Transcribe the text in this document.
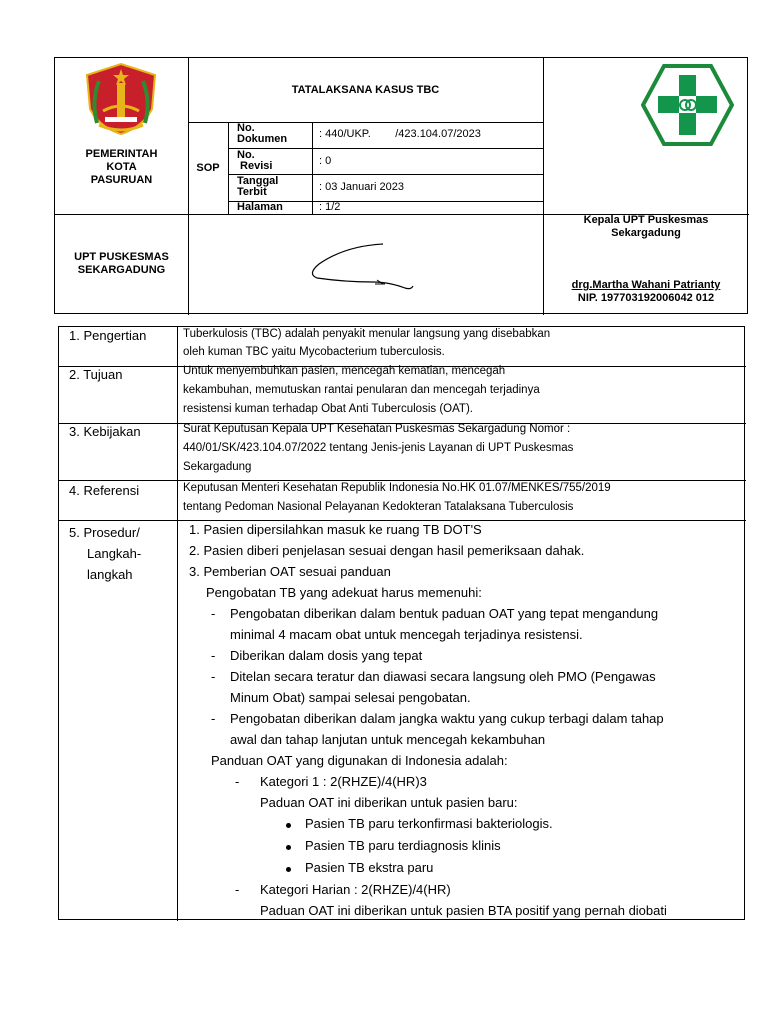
PEMERINTAH
KOTA
PASURUAN
TATALAKSANA KASUS TBC
SOP
No.
Dokumen	: 440/UKP.        /423.104.07/2023
No.
Revisi	: 0
Tanggal
Terbit	: 03 Januari 2023
Halaman	: 1/2
UPT PUSKESMAS
SEKARGADUNG
Kepala UPT Puskesmas
Sekargadung
drg.Martha Wahani Patrianty
NIP. 197703192006042 012
1. Pengertian	Tuberkulosis (TBC) adalah penyakit menular langsung yang disebabkan
oleh kuman TBC yaitu Mycobacterium tuberculosis.
2. Tujuan	Untuk menyembuhkan pasien, mencegah kematian, mencegah
kekambuhan, memutuskan rantai penularan dan mencegah terjadinya
resistensi kuman terhadap Obat Anti Tuberculosis (OAT).
3. Kebijakan	Surat Keputusan Kepala UPT Kesehatan Puskesmas Sekargadung Nomor :
440/01/SK/423.104.07/2022 tentang Jenis-jenis Layanan di UPT Puskesmas
Sekargadung
4. Referensi	Keputusan Menteri Kesehatan Republik Indonesia No.HK 01.07/MENKES/755/2019
tentang Pedoman Nasional Pelayanan Kedokteran Tatalaksana Tuberculosis
5. Prosedur/
Langkah-
langkah
1. Pasien dipersilahkan masuk ke ruang TB DOT'S
2. Pasien diberi penjelasan sesuai dengan hasil pemeriksaan dahak.
3. Pemberian OAT sesuai panduan
Pengobatan TB yang adekuat harus memenuhi:
- Pengobatan diberikan dalam bentuk paduan OAT yang tepat mengandung
minimal 4 macam obat untuk mencegah terjadinya resistensi.
- Diberikan dalam dosis yang tepat
- Ditelan secara teratur dan diawasi secara langsung oleh PMO (Pengawas
Minum Obat) sampai selesai pengobatan.
- Pengobatan diberikan dalam jangka waktu yang cukup terbagi dalam tahap
awal dan tahap lanjutan untuk mencegah kekambuhan
Panduan OAT yang digunakan di Indonesia adalah:
- Kategori 1 : 2(RHZE)/4(HR)3
Paduan OAT ini diberikan untuk pasien baru:
Pasien TB paru terkonfirmasi bakteriologis.
Pasien TB paru terdiagnosis klinis
Pasien TB ekstra paru
- Kategori Harian : 2(RHZE)/4(HR)
Paduan OAT ini diberikan untuk pasien BTA positif yang pernah diobati
